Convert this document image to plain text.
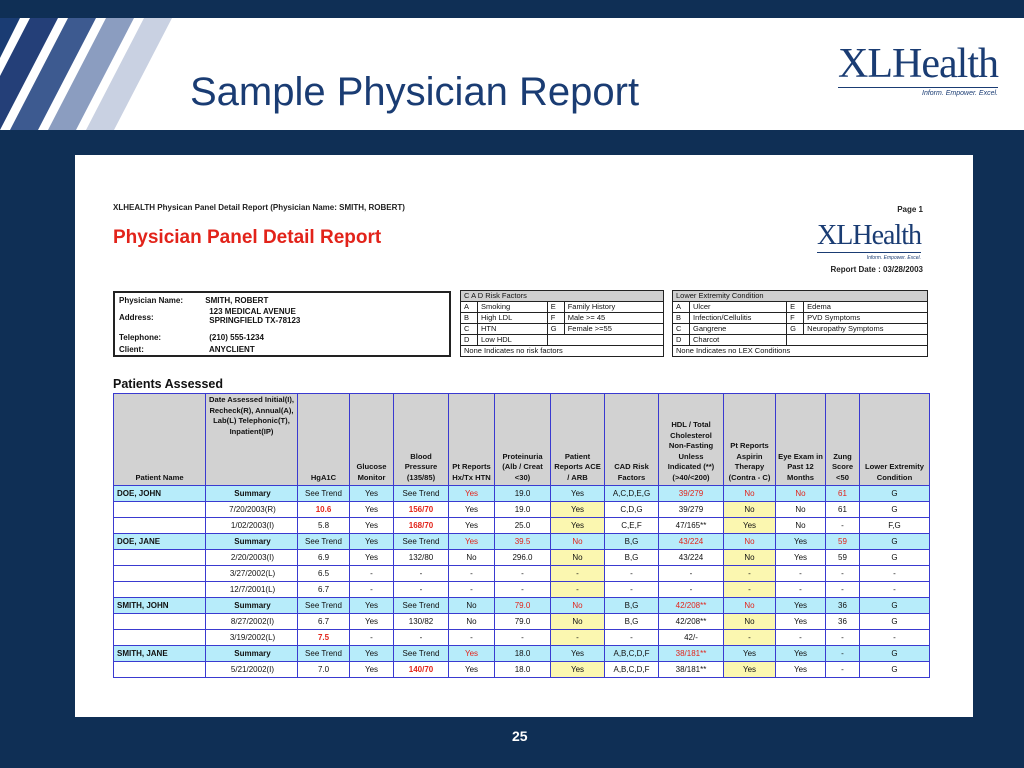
Sample Physician Report
XLHealth
Inform. Empower. Excel.
XLHEALTH Physican Panel Detail Report (Physician Name: SMITH, ROBERT)	Page 1
Physician Panel Detail Report	XLHealth
Inform. Empower. Excel.
Report Date : 03/28/2003
Physician Name:	SMITH, ROBERT
Address:
123 MEDICAL AVENUE
SPRINGFIELD TX-78123
Telephone:	(210) 555-1234
Client:	ANYCLIENT
C A D Risk Factors			
A	Smoking	E	Family History
B	High LDL	F	Male >= 45
C	HTN	G	Female >=55
D	Low HDL		
None Indicates no risk factors			
Lower Extremity Condition			
A	Ulcer	E	Edema
B	Infection/Cellulitis	F	PVD Symptoms
C	Gangrene	G	Neuropathy Symptoms
D	Charcot		
None Indicates no LEX Conditions			
Patients Assessed
Patient Name	Date Assessed Initial(I), Recheck(R), Annual(A), Lab(L) Telephonic(T), Inpatient(IP)	HgA1C	Glucose Monitor	Blood Pressure (135/85)	Pt Reports Hx/Tx HTN	Proteinuria (Alb / Creat <30)	Patient Reports ACE / ARB	CAD Risk Factors	HDL / Total Cholesterol Non-Fasting Unless Indicated (**) (>40/<200)	Pt Reports Aspirin Therapy (Contra - C)	Eye Exam in Past 12 Months	Zung Score <50	Lower Extremity Condition
DOE, JOHN	Summary	See Trend	Yes	See Trend	Yes	19.0	Yes	A,C,D,E,G	39/279	No	No	61	G
	7/20/2003(R)	10.6	Yes	156/70	Yes	19.0	Yes	C,D,G	39/279	No	No	61	G
	1/02/2003(I)	5.8	Yes	168/70	Yes	25.0	Yes	C,E,F	47/165**	Yes	No	-	F,G
DOE, JANE	Summary	See Trend	Yes	See Trend	Yes	39.5	No	B,G	43/224	No	Yes	59	G
	2/20/2003(I)	6.9	Yes	132/80	No	296.0	No	B,G	43/224	No	Yes	59	G
	3/27/2002(L)	6.5	-	-	-	-	-	-	-	-	-	-	-
	12/7/2001(L)	6.7	-	-	-	-	-	-	-	-	-	-	-
SMITH, JOHN	Summary	See Trend	Yes	See Trend	No	79.0	No	B,G	42/208**	No	Yes	36	G
	8/27/2002(I)	6.7	Yes	130/82	No	79.0	No	B,G	42/208**	No	Yes	36	G
	3/19/2002(L)	7.5	-	-	-	-	-	-	42/-	-	-	-	-
SMITH, JANE	Summary	See Trend	Yes	See Trend	Yes	18.0	Yes	A,B,C,D,F	38/181**	Yes	Yes	-	G
	5/21/2002(I)	7.0	Yes	140/70	Yes	18.0	Yes	A,B,C,D,F	38/181**	Yes	Yes	-	G
25
